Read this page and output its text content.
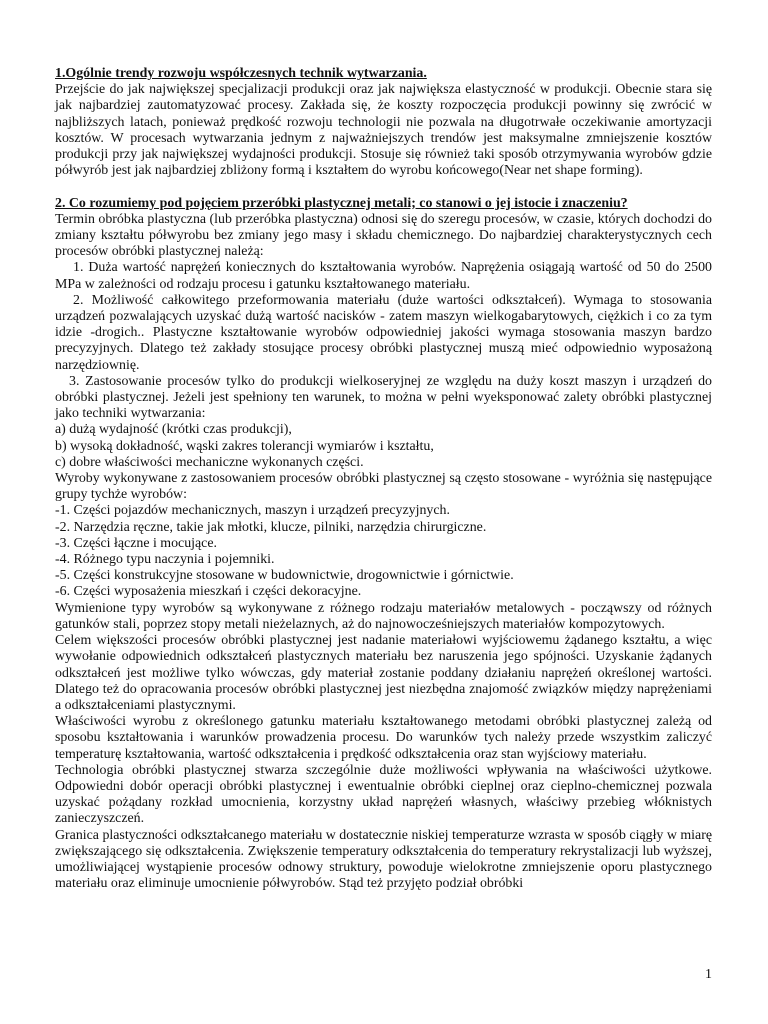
1.Ogólnie trendy rozwoju współczesnych technik wytwarzania.

Przejście do jak największej specjalizacji produkcji oraz jak największa elastyczność w produkcji. Obecnie stara się jak najbardziej zautomatyzować procesy. Zakłada się, że koszty rozpoczęcia produkcji powinny się zwrócić w najbliższych latach, ponieważ prędkość rozwoju technologii nie pozwala na długotrwałe oczekiwanie amortyzacji kosztów. W procesach wytwarzania jednym z najważniejszych trendów jest maksymalne zmniejszenie kosztów produkcji przy jak największej wydajności produkcji. Stosuje się również taki sposób otrzymywania wyrobów gdzie półwyrób jest jak najbardziej zbliżony formą i kształtem do wyrobu końcowego(Near net shape forming).

2. Co rozumiemy pod pojęciem przeróbki plastycznej metali; co stanowi o jej istocie i znaczeniu?

Termin obróbka plastyczna (lub przeróbka plastyczna) odnosi się do szeregu procesów, w czasie, których dochodzi do zmiany kształtu półwyrobu bez zmiany jego masy i składu chemicznego. Do najbardziej charakterystycznych cech procesów obróbki plastycznej należą:

1. Duża wartość naprężeń koniecznych do kształtowania wyrobów. Naprężenia osiągają wartość od 50 do 2500 MPa w zależności od rodzaju procesu i gatunku kształtowanego materiału.

2. Możliwość całkowitego przeformowania materiału (duże wartości odkształceń). Wymaga to stosowania urządzeń pozwalających uzyskać dużą wartość nacisków - zatem maszyn wielkogabarytowych, ciężkich i co za tym idzie -drogich.. Plastyczne kształtowanie wyrobów odpowiedniej jakości wymaga stosowania maszyn bardzo precyzyjnych. Dlatego też zakłady stosujące procesy obróbki plastycznej muszą mieć odpowiednio wyposażoną narzędziownię.

3. Zastosowanie procesów tylko do produkcji wielkoseryjnej ze względu na duży koszt maszyn i urządzeń do obróbki plastycznej. Jeżeli jest spełniony ten warunek, to można w pełni wyeksponować zalety obróbki plastycznej jako techniki wytwarzania:

a) dużą wydajność (krótki czas produkcji),

b) wysoką dokładność, wąski zakres tolerancji wymiarów i kształtu,

c) dobre właściwości mechaniczne wykonanych części.

Wyroby wykonywane z zastosowaniem procesów obróbki plastycznej są często stosowane - wyróżnia się następujące grupy tychże wyrobów:

-1. Części pojazdów mechanicznych, maszyn i urządzeń precyzyjnych.

-2. Narzędzia ręczne, takie jak młotki, klucze, pilniki, narzędzia chirurgiczne.

-3. Części łączne i mocujące.

-4. Różnego typu naczynia i pojemniki.

-5. Części konstrukcyjne stosowane w budownictwie, drogownictwie i górnictwie.

-6. Części wyposażenia mieszkań i części dekoracyjne.

Wymienione typy wyrobów są wykonywane z różnego rodzaju materiałów metalowych - począwszy od różnych gatunków stali, poprzez stopy metali nieżelaznych, aż do najnowocześniejszych materiałów kompozytowych.

Celem większości procesów obróbki plastycznej jest nadanie materiałowi wyjściowemu żądanego kształtu, a więc wywołanie odpowiednich odkształceń plastycznych materiału bez naruszenia jego spójności. Uzyskanie żądanych odkształceń jest możliwe tylko wówczas, gdy materiał zostanie poddany działaniu naprężeń określonej wartości. Dlatego też do opracowania procesów obróbki plastycznej jest niezbędna znajomość związków między naprężeniami a odkształceniami plastycznymi.

Właściwości wyrobu z określonego gatunku materiału kształtowanego metodami obróbki plastycznej zależą od sposobu kształtowania i warunków prowadzenia procesu. Do warunków tych należy przede wszystkim zaliczyć temperaturę kształtowania, wartość odkształcenia i prędkość odkształcenia oraz stan wyjściowy materiału.

Technologia obróbki plastycznej stwarza szczególnie duże możliwości wpływania na właściwości użytkowe. Odpowiedni dobór operacji obróbki plastycznej i ewentualnie obróbki cieplnej oraz cieplno-chemicznej pozwala uzyskać pożądany rozkład umocnienia, korzystny układ naprężeń własnych, właściwy przebieg włóknistych zanieczyszczeń.

Granica plastyczności odkształcanego materiału w dostatecznie niskiej temperaturze wzrasta w sposób ciągły w miarę zwiększającego się odkształcenia. Zwiększenie temperatury odkształcenia do temperatury rekrystalizacji lub wyższej, umożliwiającej wystąpienie procesów odnowy struktury, powoduje wielokrotne zmniejszenie oporu plastycznego materiału oraz eliminuje umocnienie półwyrobów. Stąd też przyjęto podział obróbki

1
